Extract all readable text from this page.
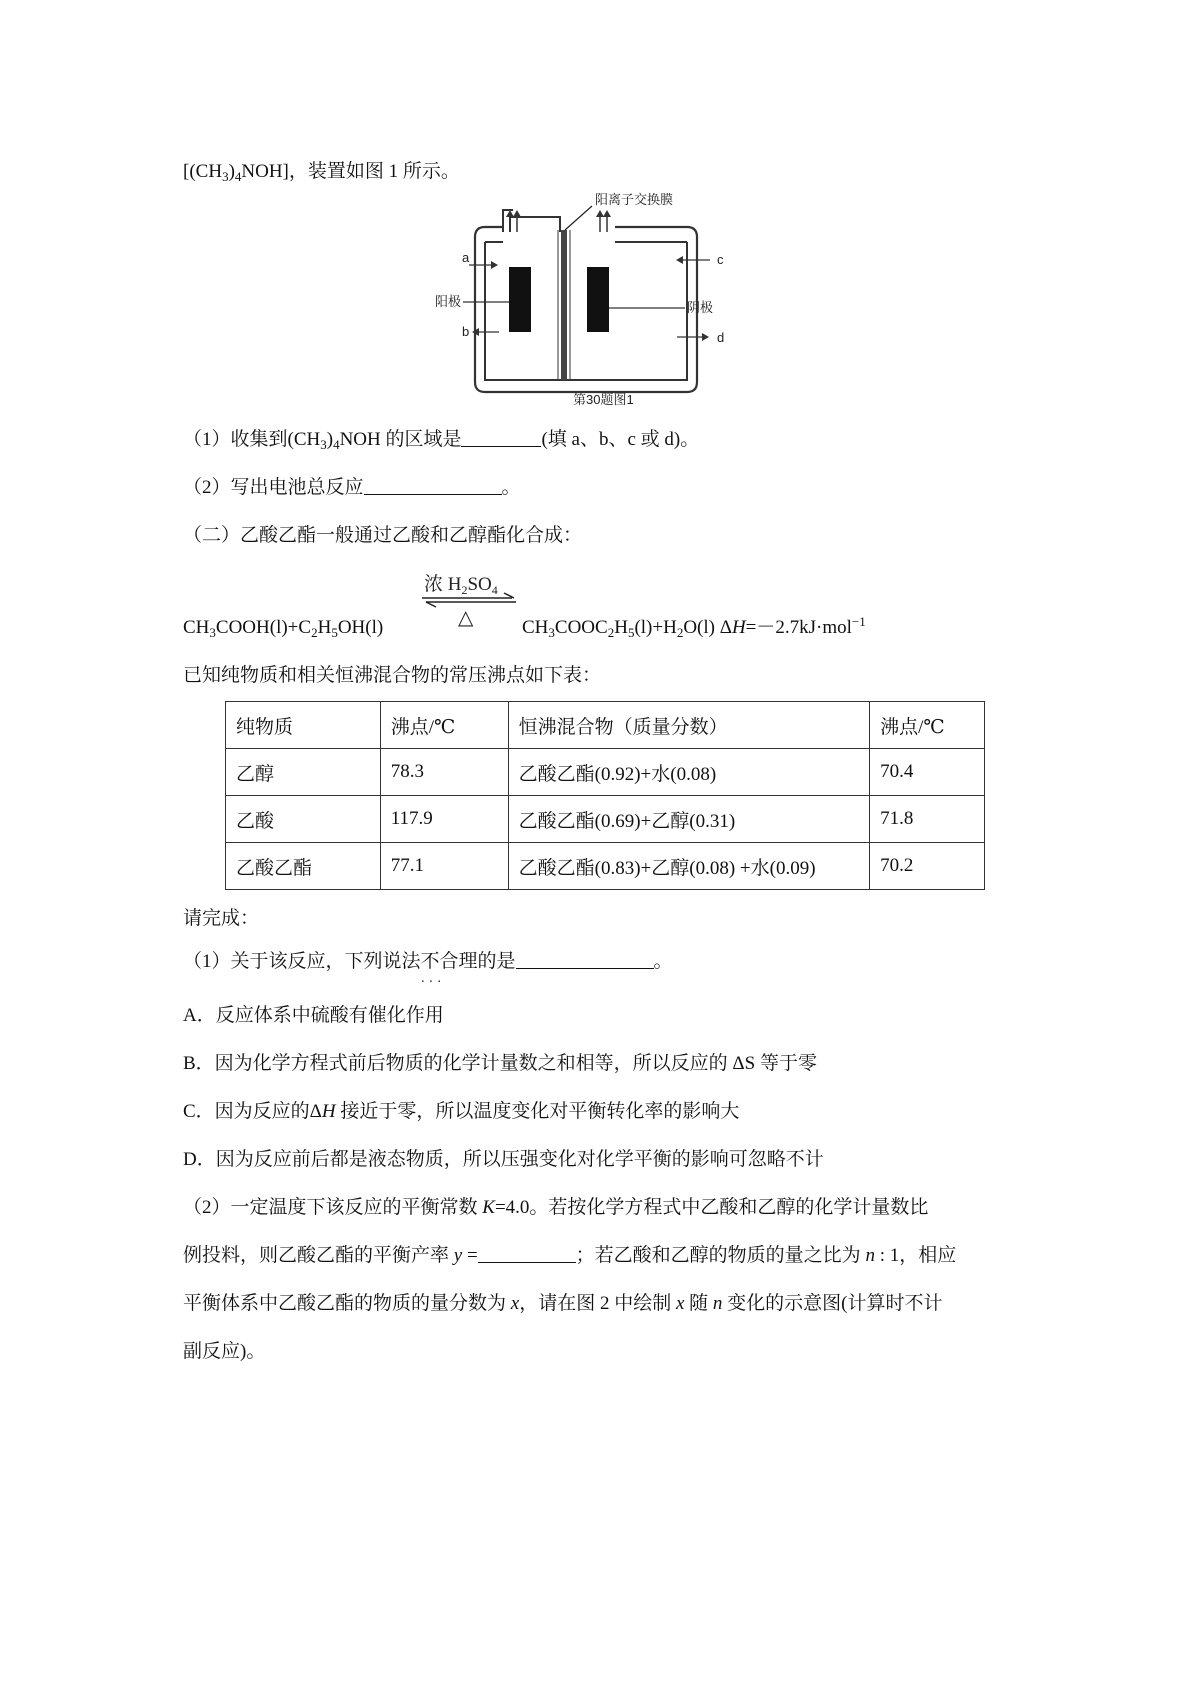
$[(CH_3)_4NOH]$，装置如图 1 所示。
阳离子交换膜
a
b
c
d
阳极	阴极
第30题图1
（1）收集到$(CH_3)_4NOH$ 的区域是	(填 a、b、c 或 d)。
（2）写出电池总反应	。
（二）乙酸乙酯一般通过乙酸和乙醇酯化合成：
浓 $H_2SO_4$
△
$CH_3COOH(l)+C_2H_5OH(l)$	$CH_3COOC_2H_5(l)+H_2O(l)$ ΔH=－2.7kJ·mol$^{-1}$
已知纯物质和相关恒沸混合物的常压沸点如下表：
纯物质	沸点/℃	恒沸混合物（质量分数）	沸点/℃
乙醇	78.3	乙酸乙酯(0.92)+水(0.08)	70.4
乙酸	117.9	乙酸乙酯(0.69)+乙醇(0.31)	71.8
乙酸乙酯	77.1	乙酸乙酯(0.83)+乙醇(0.08) +水(0.09)	70.2
请完成：
（1）关于该反应，下列说法不合理 · · ·的是	。
A．反应体系中硫酸有催化作用
B．因为化学方程式前后物质的化学计量数之和相等，所以反应的 ΔS 等于零
C．因为反应的ΔH 接近于零，所以温度变化对平衡转化率的影响大
D．因为反应前后都是液态物质，所以压强变化对化学平衡的影响可忽略不计
（2）一定温度下该反应的平衡常数 K=4.0。若按化学方程式中乙酸和乙醇的化学计量数比
例投料，则乙酸乙酯的平衡产率 y =	；若乙酸和乙醇的物质的量之比为 n : 1，相应
平衡体系中乙酸乙酯的物质的量分数为 x，请在图 2 中绘制 x 随 n 变化的示意图(计算时不计
副反应)。
